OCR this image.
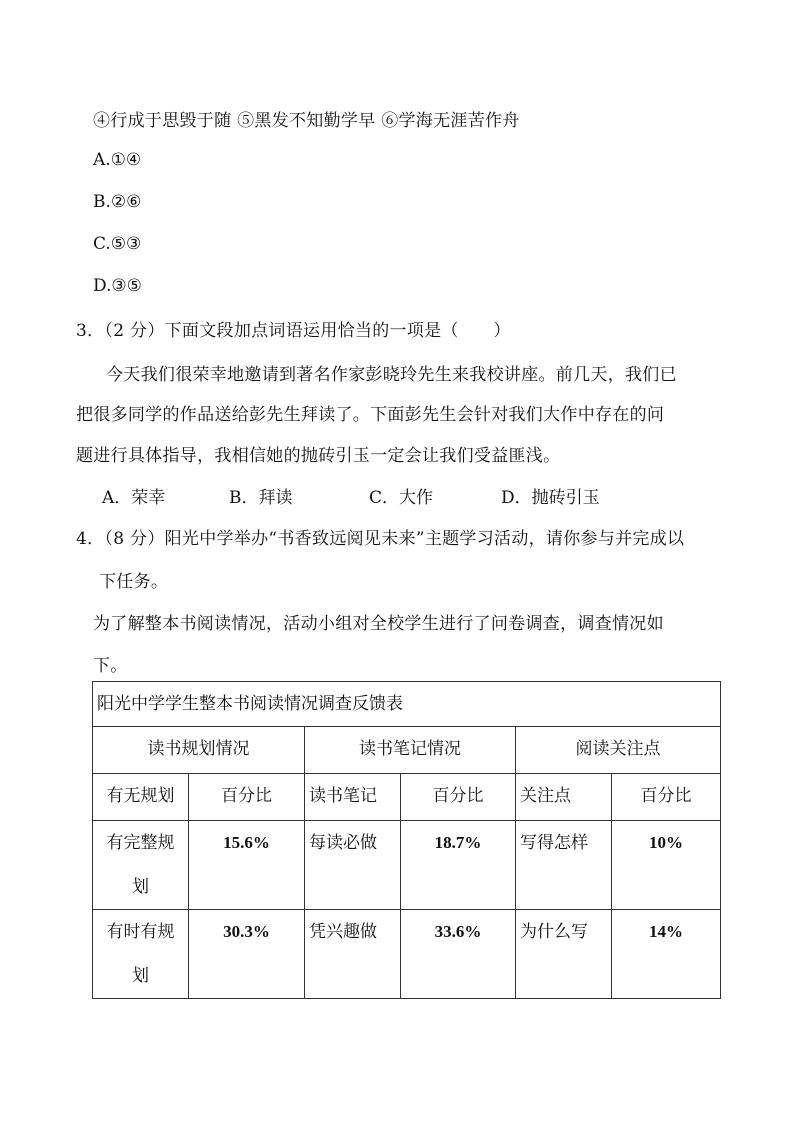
④行成于思毁于随 ⑤黑发不知勤学早 ⑥学海无涯苦作舟
A.①④
B.②⑥
C.⑤③
D.③⑤
3．（2 分）下面文段加点词语运用恰当的一项是（　　）
今天我们很荣幸地邀请到著名作家彭晓玲先生来我校讲座。前几天，我们已
把很多同学的作品送给彭先生拜读了。下面彭先生会针对我们大作中存在的问
题进行具体指导，我相信她的抛砖引玉一定会让我们受益匪浅。
A．荣幸	B．拜读	C．大作	D．抛砖引玉
4．（8 分）阳光中学举办“书香致远阅见未来”主题学习活动，请你参与并完成以
下任务。
为了解整本书阅读情况，活动小组对全校学生进行了问卷调查，调查情况如
下。
阳光中学学生整本书阅读情况调查反馈表					
读书规划情况		读书笔记情况		阅读关注点	
有无规划	百分比	读书笔记	百分比	关注点	百分比
有完整规划	15.6%	每读必做	18.7%	写得怎样	10%
有时有规划	30.3%	凭兴趣做	33.6%	为什么写	14%
